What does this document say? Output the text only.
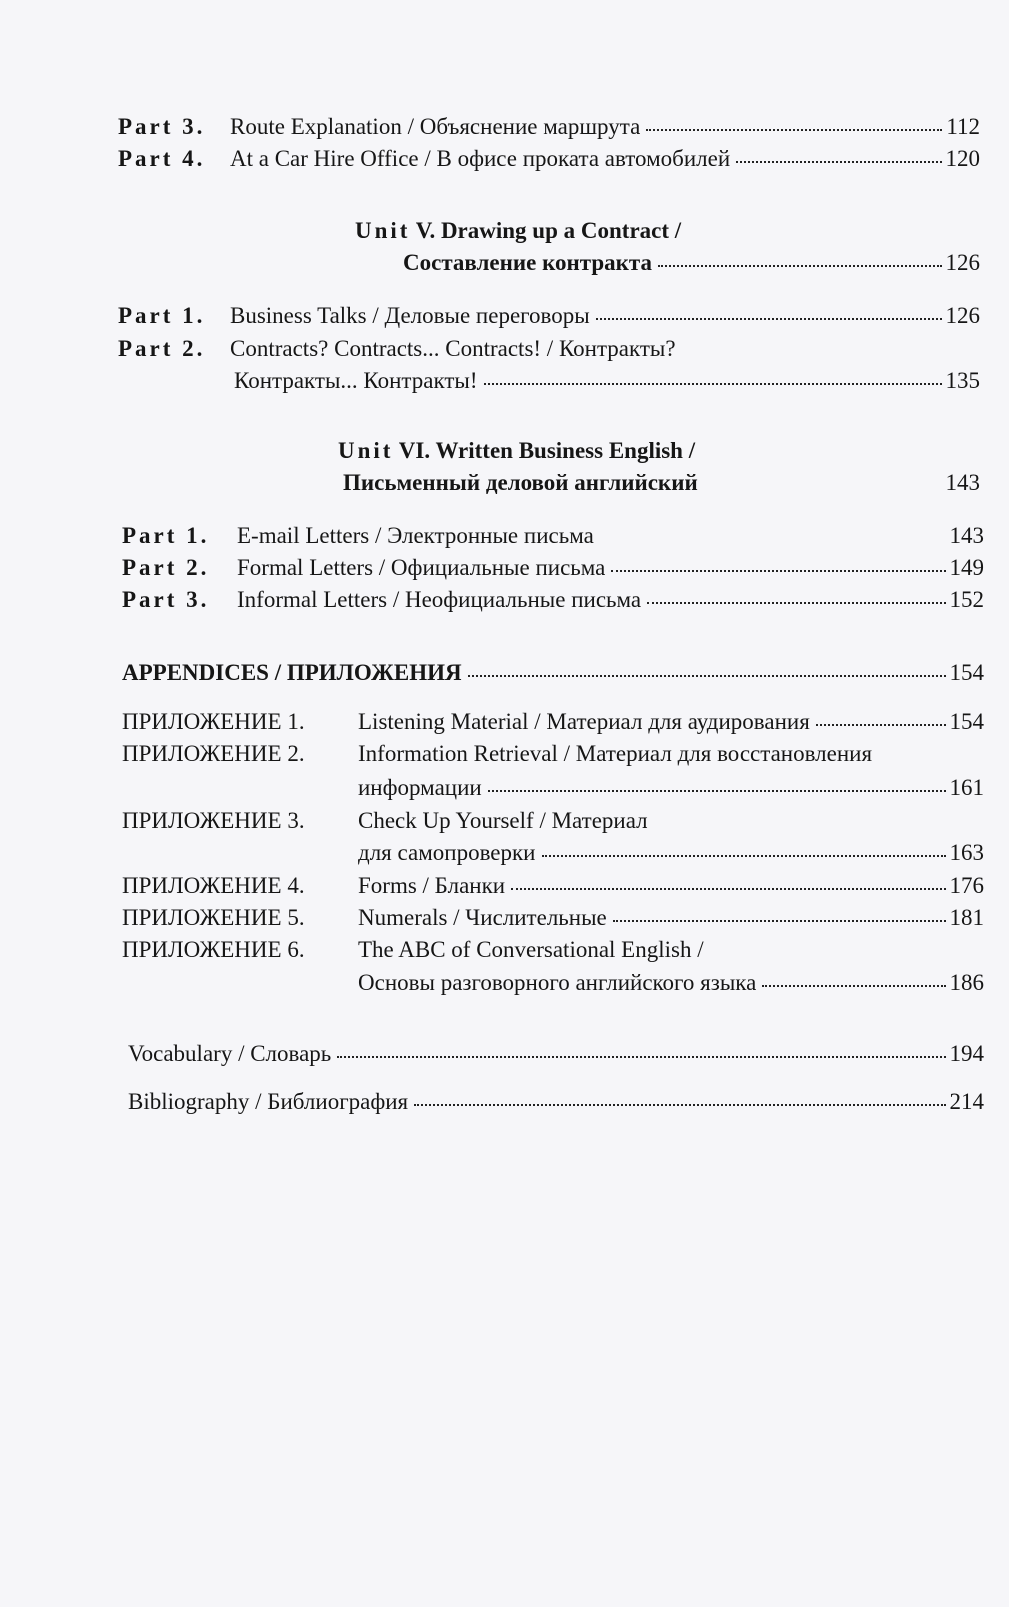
Part 3.	Route Explanation / Объяснение маршрута	112
Part 4.	At a Car Hire Office / В офисе проката автомобилей	120
Unit V. Drawing up a Contract /
Составление контракта	126
Part 1.	Business Talks / Деловые переговоры	126
Part 2.	Contracts? Contracts... Contracts! / Контракты?
Контракты... Контракты!	135
Unit VI. Written Business English /
Письменный деловой английский	143
Part 1.	E-mail Letters / Электронные письма	143
Part 2.	Formal Letters / Официальные письма	149
Part 3.	Informal Letters / Неофициальные письма	152
APPENDICES / ПРИЛОЖЕНИЯ	154
ПРИЛОЖЕНИЕ 1.	Listening Material / Материал для аудирования	154
ПРИЛОЖЕНИЕ 2.	Information Retrieval / Материал для восстановления
информации	161
ПРИЛОЖЕНИЕ 3.	Check Up Yourself / Материал
для самопроверки	163
ПРИЛОЖЕНИЕ 4.	Forms / Бланки	176
ПРИЛОЖЕНИЕ 5.	Numerals / Числительные	181
ПРИЛОЖЕНИЕ 6.	The ABC of Conversational English /
Основы разговорного английского языка	186
Vocabulary / Словарь	194
Bibliography / Библиография	214
